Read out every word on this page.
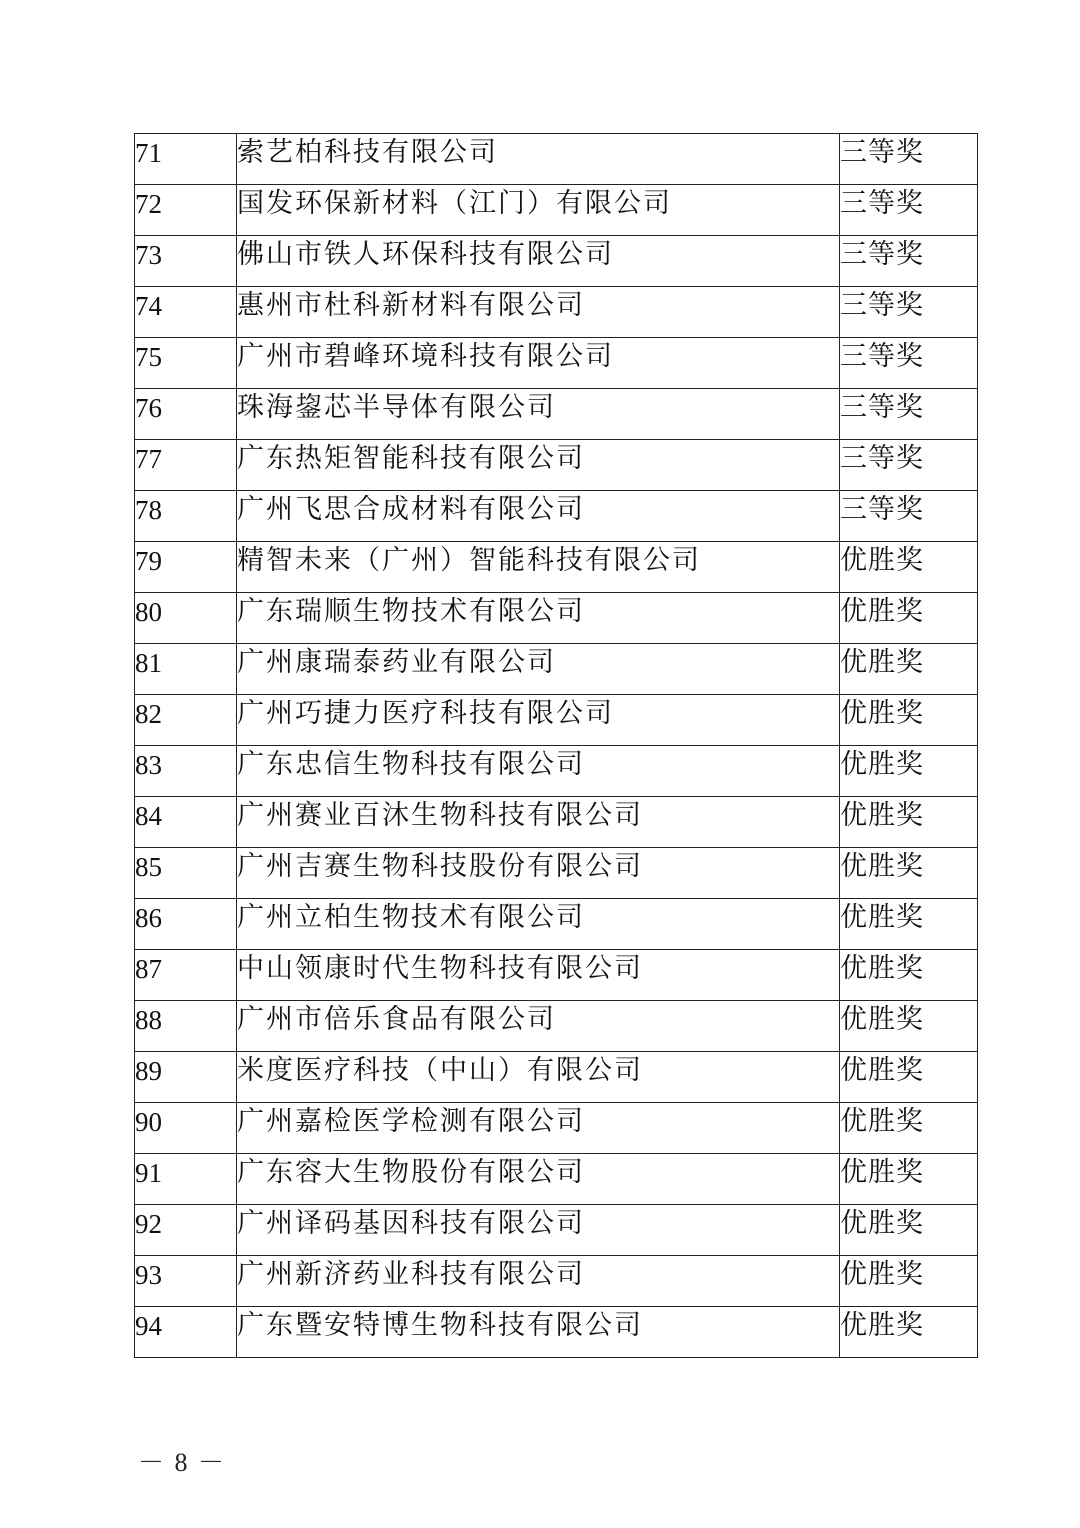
71	索艺柏科技有限公司	三等奖
72	国发环保新材料（江门）有限公司	三等奖
73	佛山市铁人环保科技有限公司	三等奖
74	惠州市杜科新材料有限公司	三等奖
75	广州市碧峰环境科技有限公司	三等奖
76	珠海鋆芯半导体有限公司	三等奖
77	广东热矩智能科技有限公司	三等奖
78	广州飞思合成材料有限公司	三等奖
79	精智未来（广州）智能科技有限公司	优胜奖
80	广东瑞顺生物技术有限公司	优胜奖
81	广州康瑞泰药业有限公司	优胜奖
82	广州巧捷力医疗科技有限公司	优胜奖
83	广东忠信生物科技有限公司	优胜奖
84	广州赛业百沐生物科技有限公司	优胜奖
85	广州吉赛生物科技股份有限公司	优胜奖
86	广州立柏生物技术有限公司	优胜奖
87	中山领康时代生物科技有限公司	优胜奖
88	广州市倍乐食品有限公司	优胜奖
89	米度医疗科技（中山）有限公司	优胜奖
90	广州嘉检医学检测有限公司	优胜奖
91	广东容大生物股份有限公司	优胜奖
92	广州译码基因科技有限公司	优胜奖
93	广州新济药业科技有限公司	优胜奖
94	广东暨安特博生物科技有限公司	优胜奖
－ 8 －
